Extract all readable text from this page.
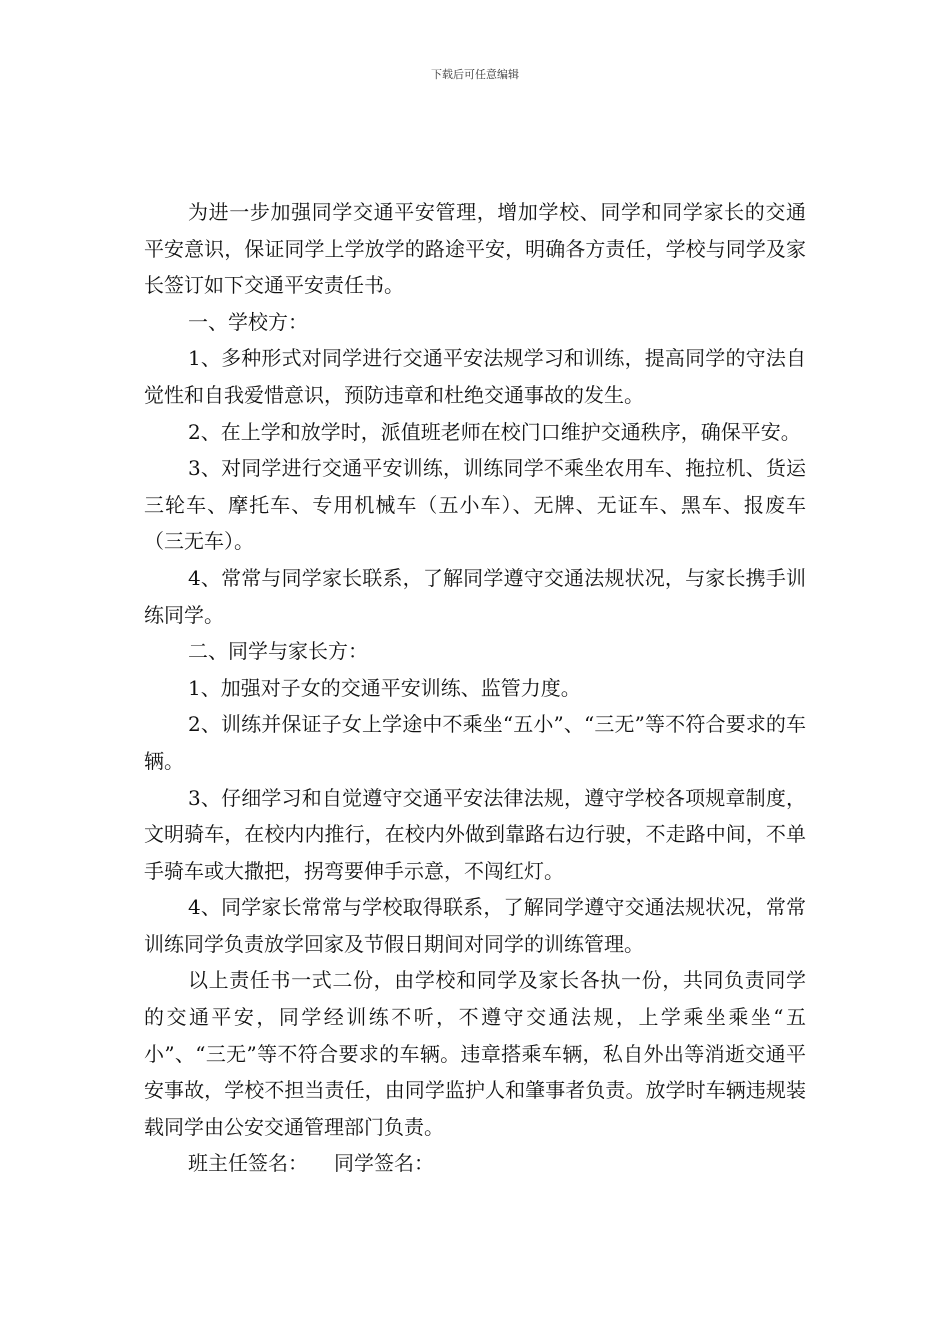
下载后可任意编辑

为进一步加强同学交通平安管理，增加学校、同学和同学家长的交通平安意识，保证同学上学放学的路途平安，明确各方责任，学校与同学及家长签订如下交通平安责任书。

一、学校方：

1、多种形式对同学进行交通平安法规学习和训练，提高同学的守法自觉性和自我爱惜意识，预防违章和杜绝交通事故的发生。

2、在上学和放学时，派值班老师在校门口维护交通秩序，确保平安。

3、对同学进行交通平安训练，训练同学不乘坐农用车、拖拉机、货运三轮车、摩托车、专用机械车（五小车）、无牌、无证车、黑车、报废车（三无车）。

4、常常与同学家长联系，了解同学遵守交通法规状况，与家长携手训练同学。

二、同学与家长方：

1、加强对子女的交通平安训练、监管力度。

2、训练并保证子女上学途中不乘坐“五小”、“三无”等不符合要求的车辆。

3、仔细学习和自觉遵守交通平安法律法规，遵守学校各项规章制度，文明骑车，在校内内推行，在校内外做到靠路右边行驶，不走路中间，不单手骑车或大撒把，拐弯要伸手示意，不闯红灯。

4、同学家长常常与学校取得联系，了解同学遵守交通法规状况，常常训练同学负责放学回家及节假日期间对同学的训练管理。

以上责任书一式二份，由学校和同学及家长各执一份，共同负责同学的交通平安，同学经训练不听，不遵守交通法规，上学乘坐乘坐“五小”、“三无”等不符合要求的车辆。违章搭乘车辆，私自外出等消逝交通平安事故，学校不担当责任，由同学监护人和肇事者负责。放学时车辆违规装载同学由公安交通管理部门负责。

班主任签名： 同学签名：
